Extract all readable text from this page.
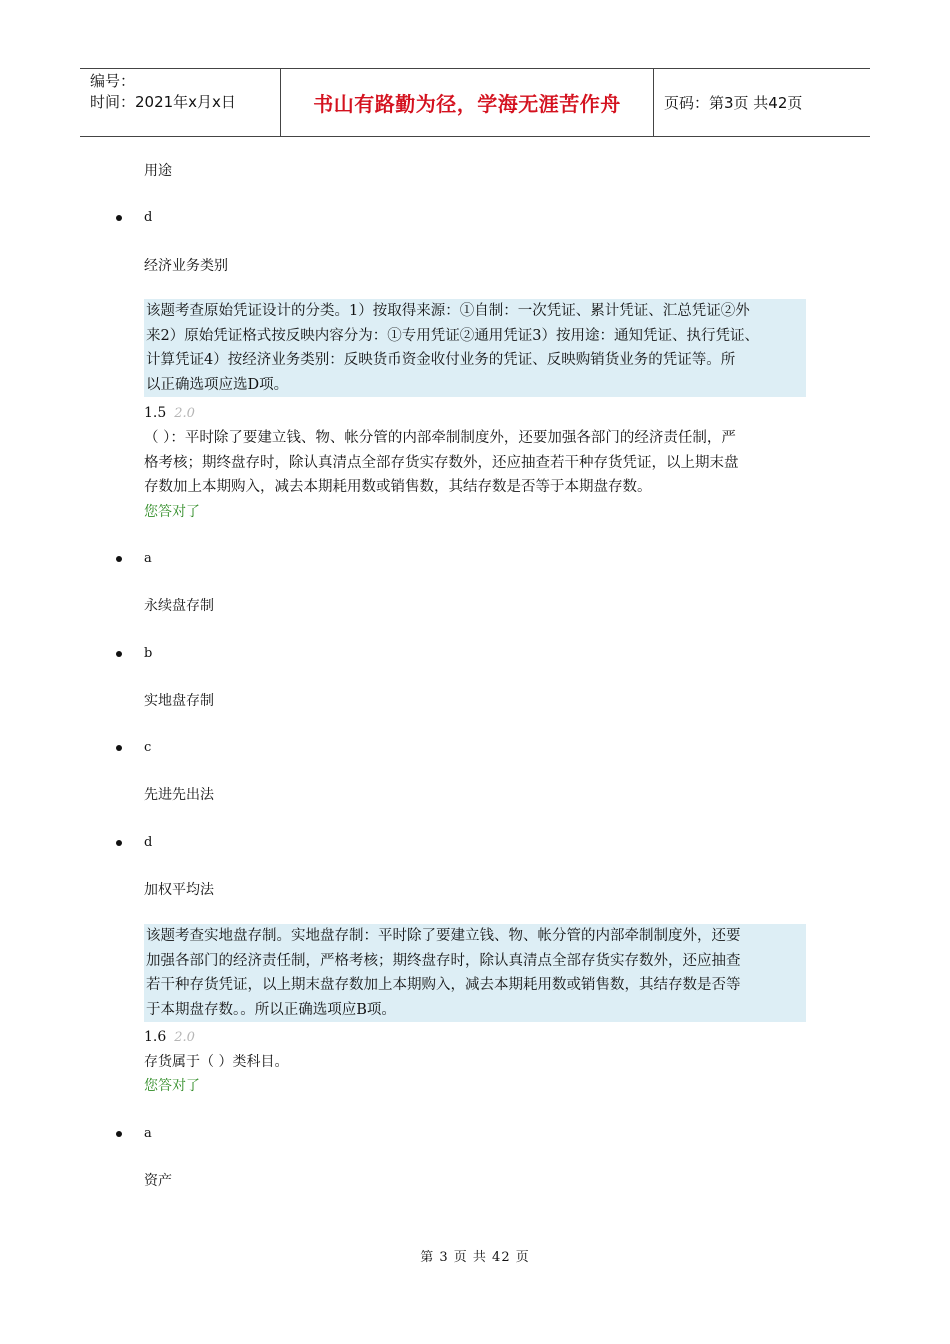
编号：
时间：2021年x月x日	书山有路勤为径，学海无涯苦作舟	页码：第3页 共42页
用途
d
经济业务类别
该题考查原始凭证设计的分类。1）按取得来源：①自制：一次凭证、累计凭证、汇总凭证②外
来2）原始凭证格式按反映内容分为：①专用凭证②通用凭证3）按用途：通知凭证、执行凭证、
计算凭证4）按经济业务类别：反映货币资金收付业务的凭证、反映购销货业务的凭证等。所
以正确选项应选D项。
1.5 2.0
（ ）：平时除了要建立钱、物、帐分管的内部牵制制度外，还要加强各部门的经济责任制，严
格考核；期终盘存时，除认真清点全部存货实存数外，还应抽查若干种存货凭证，以上期末盘
存数加上本期购入，减去本期耗用数或销售数，其结存数是否等于本期盘存数。
您答对了
a
永续盘存制
b
实地盘存制
c
先进先出法
d
加权平均法
该题考查实地盘存制。实地盘存制：平时除了要建立钱、物、帐分管的内部牵制制度外，还要
加强各部门的经济责任制，严格考核；期终盘存时，除认真清点全部存货实存数外，还应抽查
若干种存货凭证，以上期末盘存数加上本期购入，减去本期耗用数或销售数，其结存数是否等
于本期盘存数。。所以正确选项应B项。
1.6 2.0
存货属于（ ）类科目。
您答对了
a
资产
第 3 页 共 42 页
